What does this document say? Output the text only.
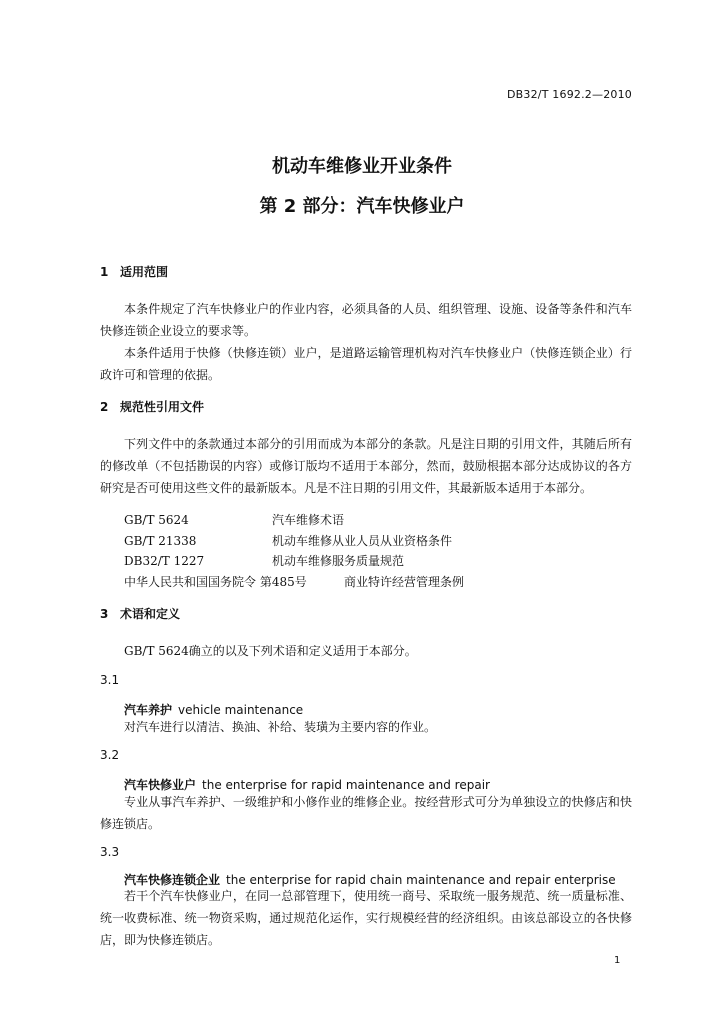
DB32/T 1692.2—2010
机动车维修业开业条件
第 2 部分：汽车快修业户
1 适用范围

本条件规定了汽车快修业户的作业内容，必须具备的人员、组织管理、设施、设备等条件和汽车快修连锁企业设立的要求等。

本条件适用于快修（快修连锁）业户，是道路运输管理机构对汽车快修业户（快修连锁企业）行政许可和管理的依据。

2 规范性引用文件

下列文件中的条款通过本部分的引用而成为本部分的条款。凡是注日期的引用文件，其随后所有的修改单（不包括勘误的内容）或修订版均不适用于本部分，然而，鼓励根据本部分达成协议的各方研究是否可使用这些文件的最新版本。凡是不注日期的引用文件，其最新版本适用于本部分。

GB/T 5624	汽车维修术语
GB/T 21338	机动车维修从业人员从业资格条件
DB32/T 1227	机动车维修服务质量规范
中华人民共和国国务院令 第485号	商业特许经营管理条例
3 术语和定义

GB/T 5624确立的以及下列术语和定义适用于本部分。

3.1
汽车养护 vehicle maintenance

对汽车进行以清洁、换油、补给、装璜为主要内容的作业。

3.2
汽车快修业户 the enterprise for rapid maintenance and repair

专业从事汽车养护、一级维护和小修作业的维修企业。按经营形式可分为单独设立的快修店和快修连锁店。

3.3
汽车快修连锁企业 the enterprise for rapid chain maintenance and repair enterprise

若干个汽车快修业户，在同一总部管理下，使用统一商号、采取统一服务规范、统一质量标准、统一收费标准、统一物资采购，通过规范化运作，实行规模经营的经济组织。由该总部设立的各快修店，即为快修连锁店。

1
